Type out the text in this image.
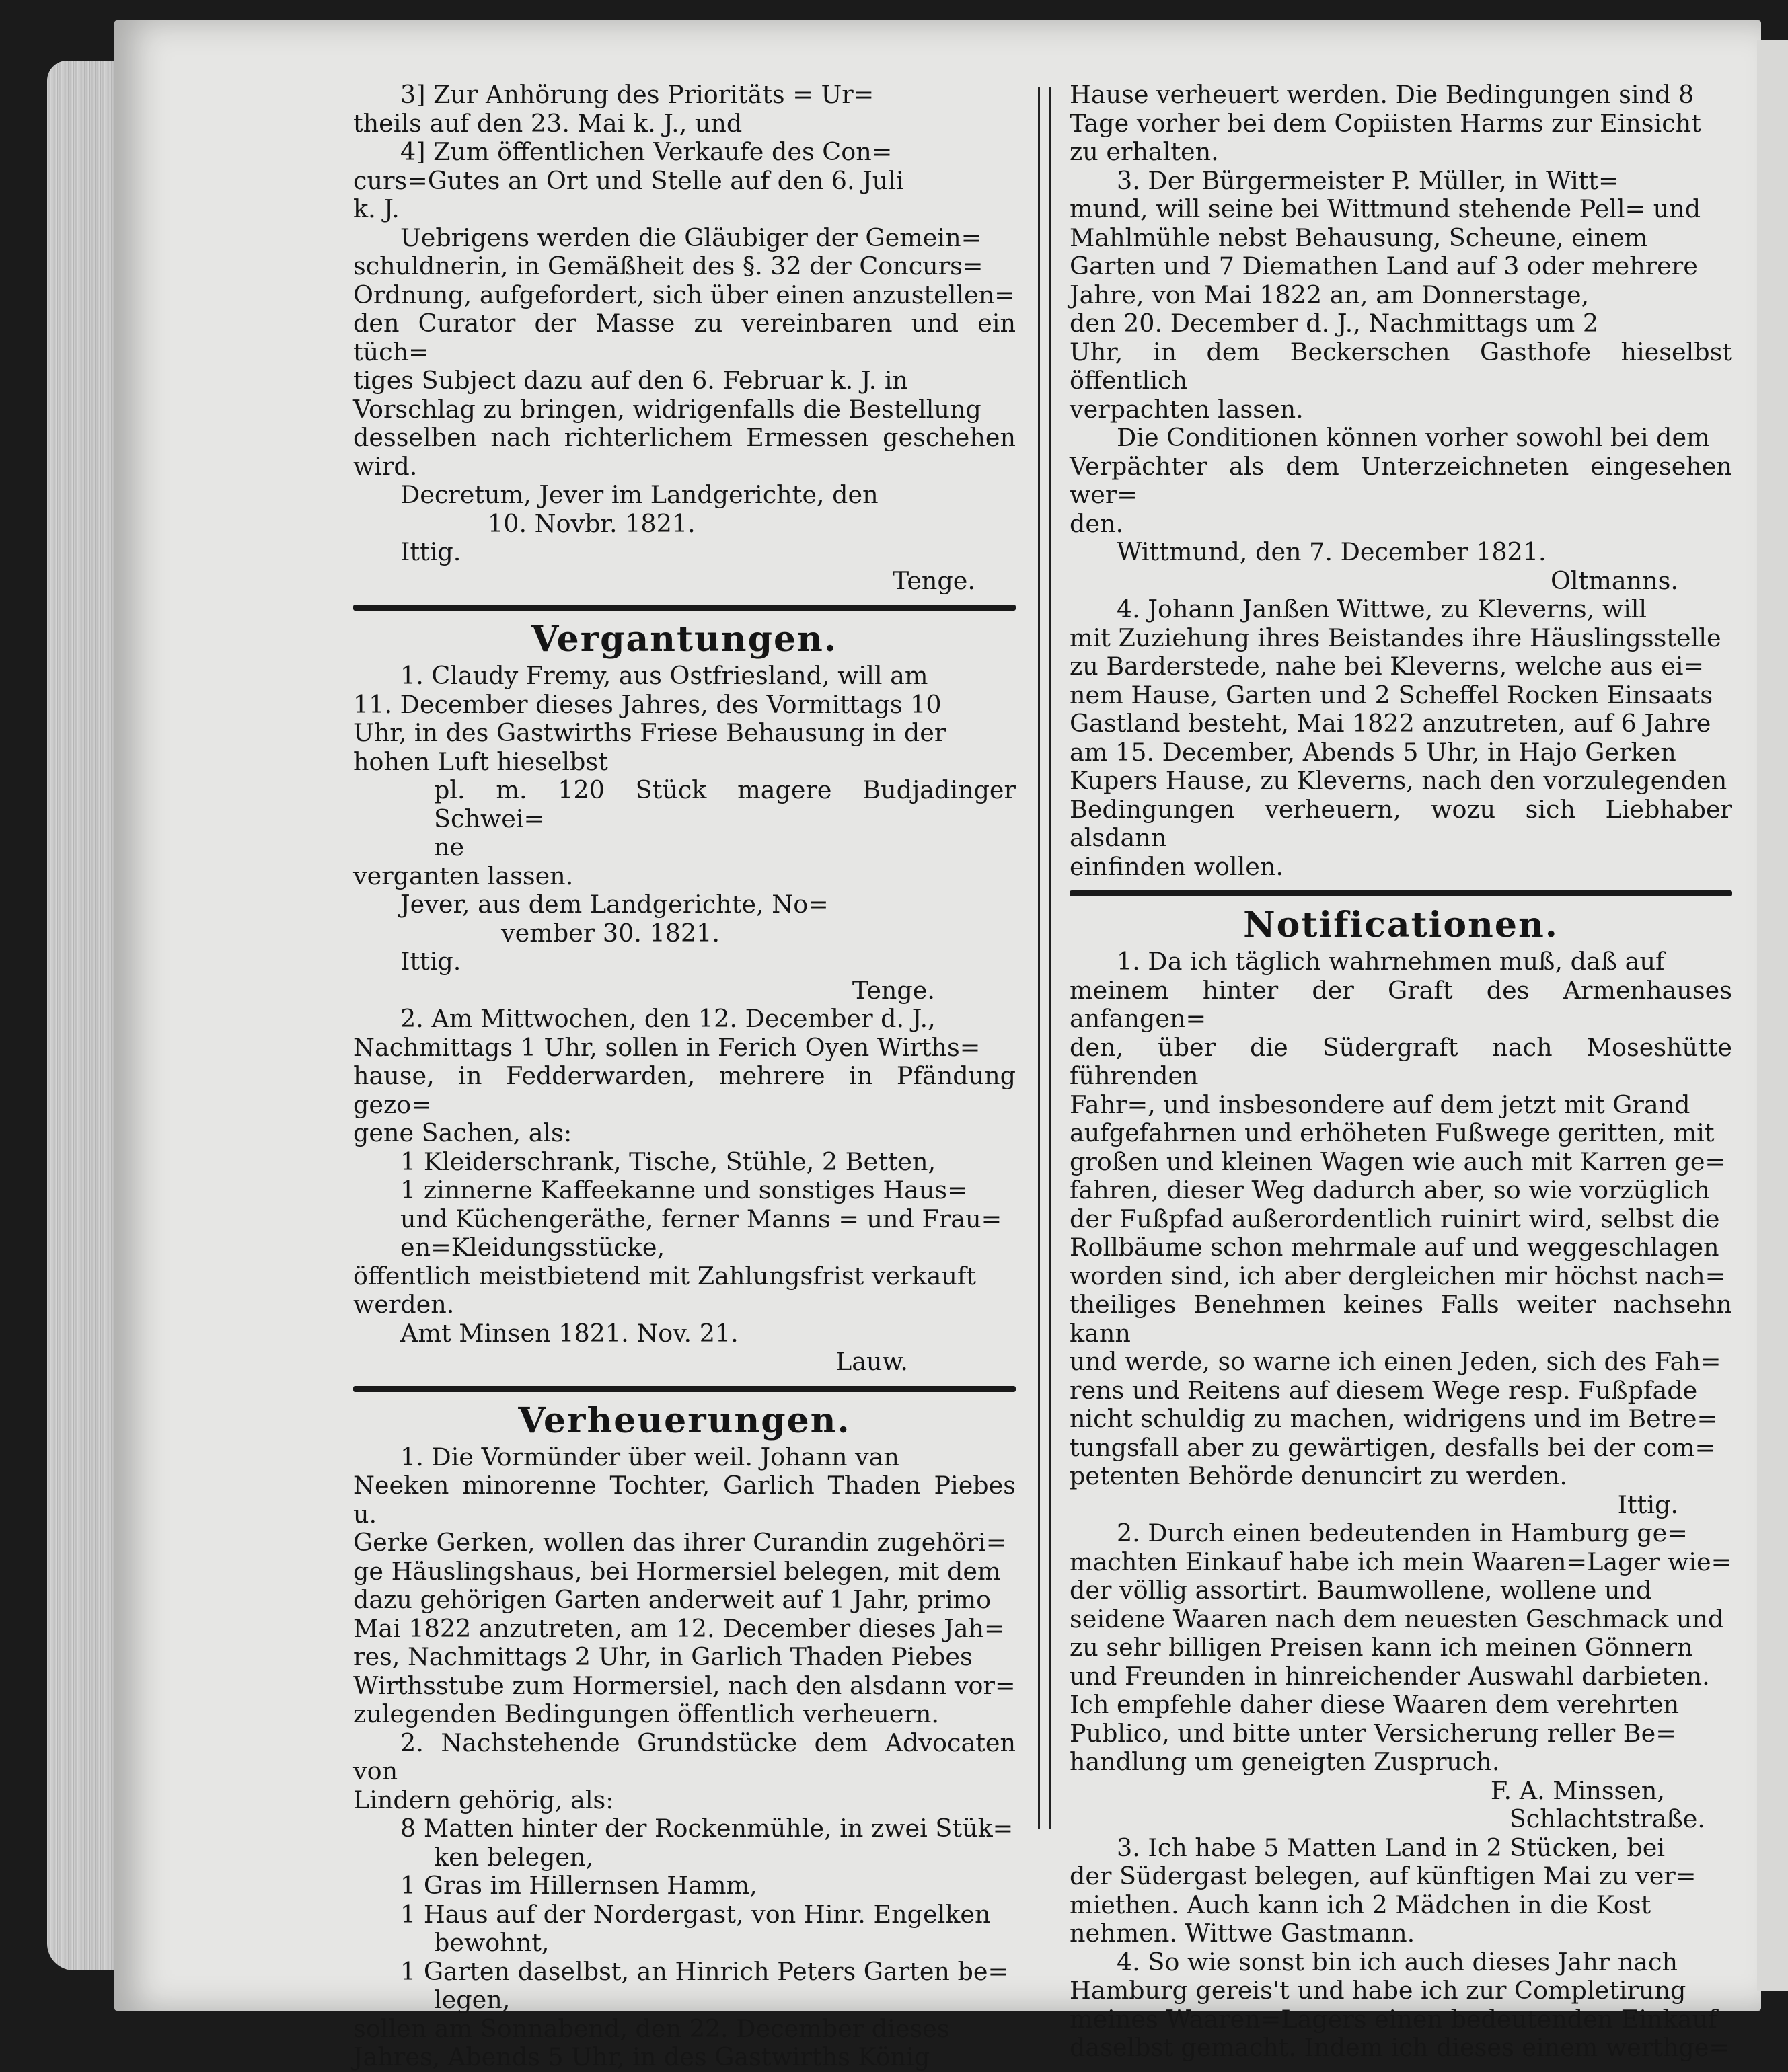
3] Zur Anhörung des Prioritäts = Ur=

theils auf den 23. Mai k. J., und

4] Zum öffentlichen Verkaufe des Con=

curs=Gutes an Ort und Stelle auf den 6. Juli

k. J.

Uebrigens werden die Gläubiger der Gemein=

schuldnerin, in Gemäßheit des §. 32 der Concurs=

Ordnung, aufgefordert, sich über einen anzustellen=

den Curator der Masse zu vereinbaren und ein tüch=

tiges Subject dazu auf den 6. Februar k. J. in

Vorschlag zu bringen, widrigenfalls die Bestellung

desselben nach richterlichem Ermessen geschehen wird.

Decretum, Jever im Landgerichte, den

10. Novbr. 1821.

Ittig.

Tenge.

Vergantungen.

1. Claudy Fremy, aus Ostfriesland, will am

11. December dieses Jahres, des Vormittags 10

Uhr, in des Gastwirths Friese Behausung in der

hohen Luft hieselbst

pl. m. 120 Stück magere Budjadinger Schwei=

ne

verganten lassen.

Jever, aus dem Landgerichte, No=

vember 30. 1821.

Ittig.

Tenge.

2. Am Mittwochen, den 12. December d. J.,

Nachmittags 1 Uhr, sollen in Ferich Oyen Wirths=

hause, in Fedderwarden, mehrere in Pfändung gezo=

gene Sachen, als:

1 Kleiderschrank, Tische, Stühle, 2 Betten,

1 zinnerne Kaffeekanne und sonstiges Haus=

und Küchengeräthe, ferner Manns = und Frau=

en=Kleidungsstücke,

öffentlich meistbietend mit Zahlungsfrist verkauft

werden.

Amt Minsen 1821. Nov. 21.

Lauw.

Verheuerungen.

1. Die Vormünder über weil. Johann van

Neeken minorenne Tochter, Garlich Thaden Piebes u.

Gerke Gerken, wollen das ihrer Curandin zugehöri=

ge Häuslingshaus, bei Hormersiel belegen, mit dem

dazu gehörigen Garten anderweit auf 1 Jahr, primo

Mai 1822 anzutreten, am 12. December dieses Jah=

res, Nachmittags 2 Uhr, in Garlich Thaden Piebes

Wirthsstube zum Hormersiel, nach den alsdann vor=

zulegenden Bedingungen öffentlich verheuern.

2. Nachstehende Grundstücke dem Advocaten von

Lindern gehörig, als:

8 Matten hinter der Rockenmühle, in zwei Stük=

ken belegen,

1 Gras im Hillernsen Hamm,

1 Haus auf der Nordergast, von Hinr. Engelken

bewohnt,

1 Garten daselbst, an Hinrich Peters Garten be=

legen,

sollen am Sonnabend, den 22. December dieses

Jahres, Abends 5 Uhr, in des Gastwirths König

Hause verheuert werden. Die Bedingungen sind 8

Tage vorher bei dem Copiisten Harms zur Einsicht

zu erhalten.

3. Der Bürgermeister P. Müller, in Witt=

mund, will seine bei Wittmund stehende Pell= und

Mahlmühle nebst Behausung, Scheune, einem

Garten und 7 Diemathen Land auf 3 oder mehrere

Jahre, von Mai 1822 an, am Donnerstage,

den 20. December d. J., Nachmittags um 2

Uhr, in dem Beckerschen Gasthofe hieselbst öffentlich

verpachten lassen.

Die Conditionen können vorher sowohl bei dem

Verpächter als dem Unterzeichneten eingesehen wer=

den.

Wittmund, den 7. December 1821.

Oltmanns.

4. Johann Janßen Wittwe, zu Kleverns, will

mit Zuziehung ihres Beistandes ihre Häuslingsstelle

zu Barderstede, nahe bei Kleverns, welche aus ei=

nem Hause, Garten und 2 Scheffel Rocken Einsaats

Gastland besteht, Mai 1822 anzutreten, auf 6 Jahre

am 15. December, Abends 5 Uhr, in Hajo Gerken

Kupers Hause, zu Kleverns, nach den vorzulegenden

Bedingungen verheuern, wozu sich Liebhaber alsdann

einfinden wollen.

Notificationen.

1. Da ich täglich wahrnehmen muß, daß auf

meinem hinter der Graft des Armenhauses anfangen=

den, über die Südergraft nach Moseshütte führenden

Fahr=, und insbesondere auf dem jetzt mit Grand

aufgefahrnen und erhöheten Fußwege geritten, mit

großen und kleinen Wagen wie auch mit Karren ge=

fahren, dieser Weg dadurch aber, so wie vorzüglich

der Fußpfad außerordentlich ruinirt wird, selbst die

Rollbäume schon mehrmale auf und weggeschlagen

worden sind, ich aber dergleichen mir höchst nach=

theiliges Benehmen keines Falls weiter nachsehn kann

und werde, so warne ich einen Jeden, sich des Fah=

rens und Reitens auf diesem Wege resp. Fußpfade

nicht schuldig zu machen, widrigens und im Betre=

tungsfall aber zu gewärtigen, desfalls bei der com=

petenten Behörde denuncirt zu werden.

Ittig.

2. Durch einen bedeutenden in Hamburg ge=

machten Einkauf habe ich mein Waaren=Lager wie=

der völlig assortirt. Baumwollene, wollene und

seidene Waaren nach dem neuesten Geschmack und

zu sehr billigen Preisen kann ich meinen Gönnern

und Freunden in hinreichender Auswahl darbieten.

Ich empfehle daher diese Waaren dem verehrten

Publico, und bitte unter Versicherung reller Be=

handlung um geneigten Zuspruch.

F. A. Minssen,

Schlachtstraße.

3. Ich habe 5 Matten Land in 2 Stücken, bei

der Südergast belegen, auf künftigen Mai zu ver=

miethen. Auch kann ich 2 Mädchen in die Kost

nehmen. Wittwe Gastmann.

4. So wie sonst bin ich auch dieses Jahr nach

Hamburg gereis't und habe ich zur Completirung

meines Waaren=Lagers einen bedeutenden Einkauf

daselbst gemacht. Indem ich dieses einem werthge=
